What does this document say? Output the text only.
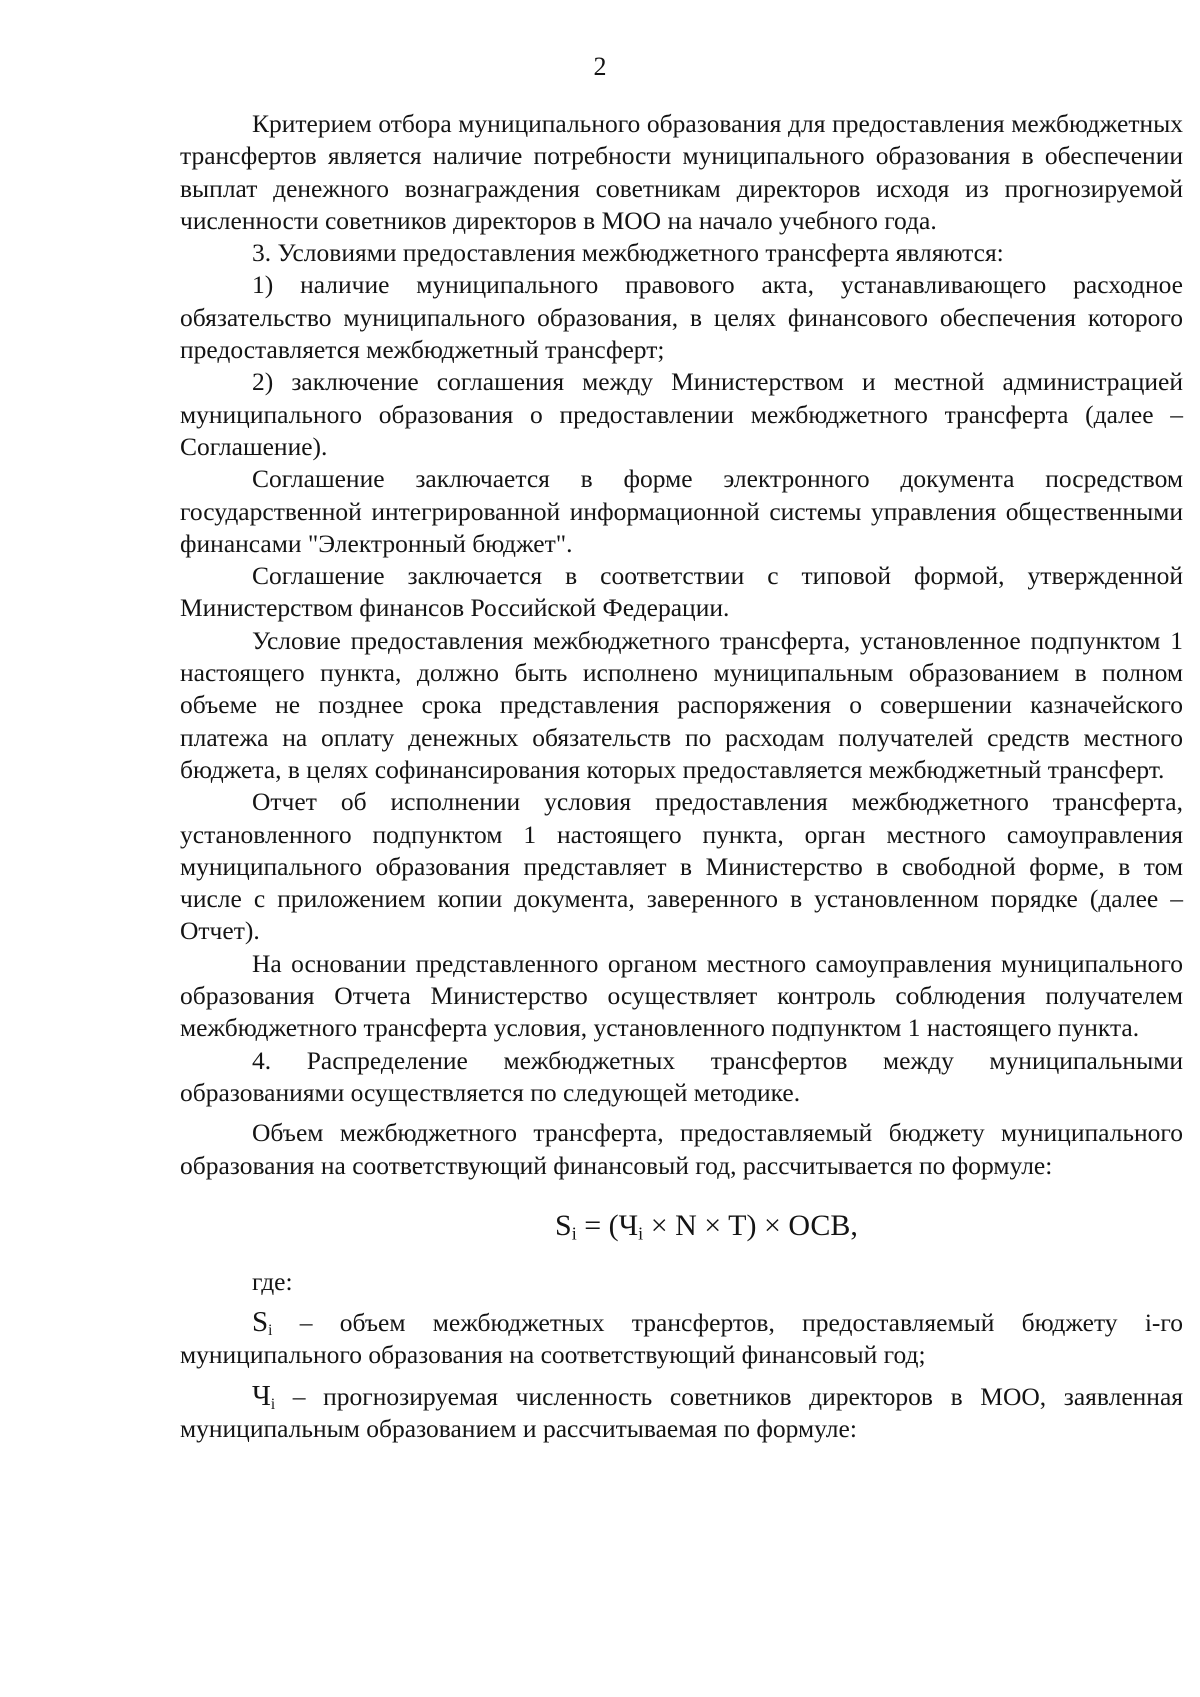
2

Критерием отбора муниципального образования для предоставления межбюджетных трансфертов является наличие потребности муниципального образования в обеспечении выплат денежного вознаграждения советникам директоров исходя из прогнозируемой численности советников директоров в МОО на начало учебного года.

3. Условиями предоставления межбюджетного трансферта являются:

1) наличие муниципального правового акта, устанавливающего расходное обязательство муниципального образования, в целях финансового обеспечения которого предоставляется межбюджетный трансферт;

2) заключение соглашения между Министерством и местной администрацией муниципального образования о предоставлении межбюджетного трансферта (далее – Соглашение).

Соглашение заключается в форме электронного документа посредством государственной интегрированной информационной системы управления общественными финансами "Электронный бюджет".

Соглашение заключается в соответствии с типовой формой, утвержденной Министерством финансов Российской Федерации.

Условие предоставления межбюджетного трансферта, установленное подпунктом 1 настоящего пункта, должно быть исполнено муниципальным образованием в полном объеме не позднее срока представления распоряжения о совершении казначейского платежа на оплату денежных обязательств по расходам получателей средств местного бюджета, в целях софинансирования которых предоставляется межбюджетный трансферт.

Отчет об исполнении условия предоставления межбюджетного трансферта, установленного подпунктом 1 настоящего пункта, орган местного самоуправления муниципального образования представляет в Министерство в свободной форме, в том числе с приложением копии документа, заверенного в установленном порядке (далее – Отчет).

На основании представленного органом местного самоуправления муниципального образования Отчета Министерство осуществляет контроль соблюдения получателем межбюджетного трансферта условия, установленного подпунктом 1 настоящего пункта.

4. Распределение межбюджетных трансфертов между муниципальными образованиями осуществляется по следующей методике.

Объем межбюджетного трансферта, предоставляемый бюджету муниципального образования на соответствующий финансовый год, рассчитывается по формуле:

$S_i = (Ч_i \times N \times T)$ × ОСВ,

где:

$S_i$ – объем межбюджетных трансфертов, предоставляемый бюджету i-го муниципального образования на соответствующий финансовый год;

$Ч_i$ – прогнозируемая численность советников директоров в МОО, заявленная муниципальным образованием и рассчитываемая по формуле:
